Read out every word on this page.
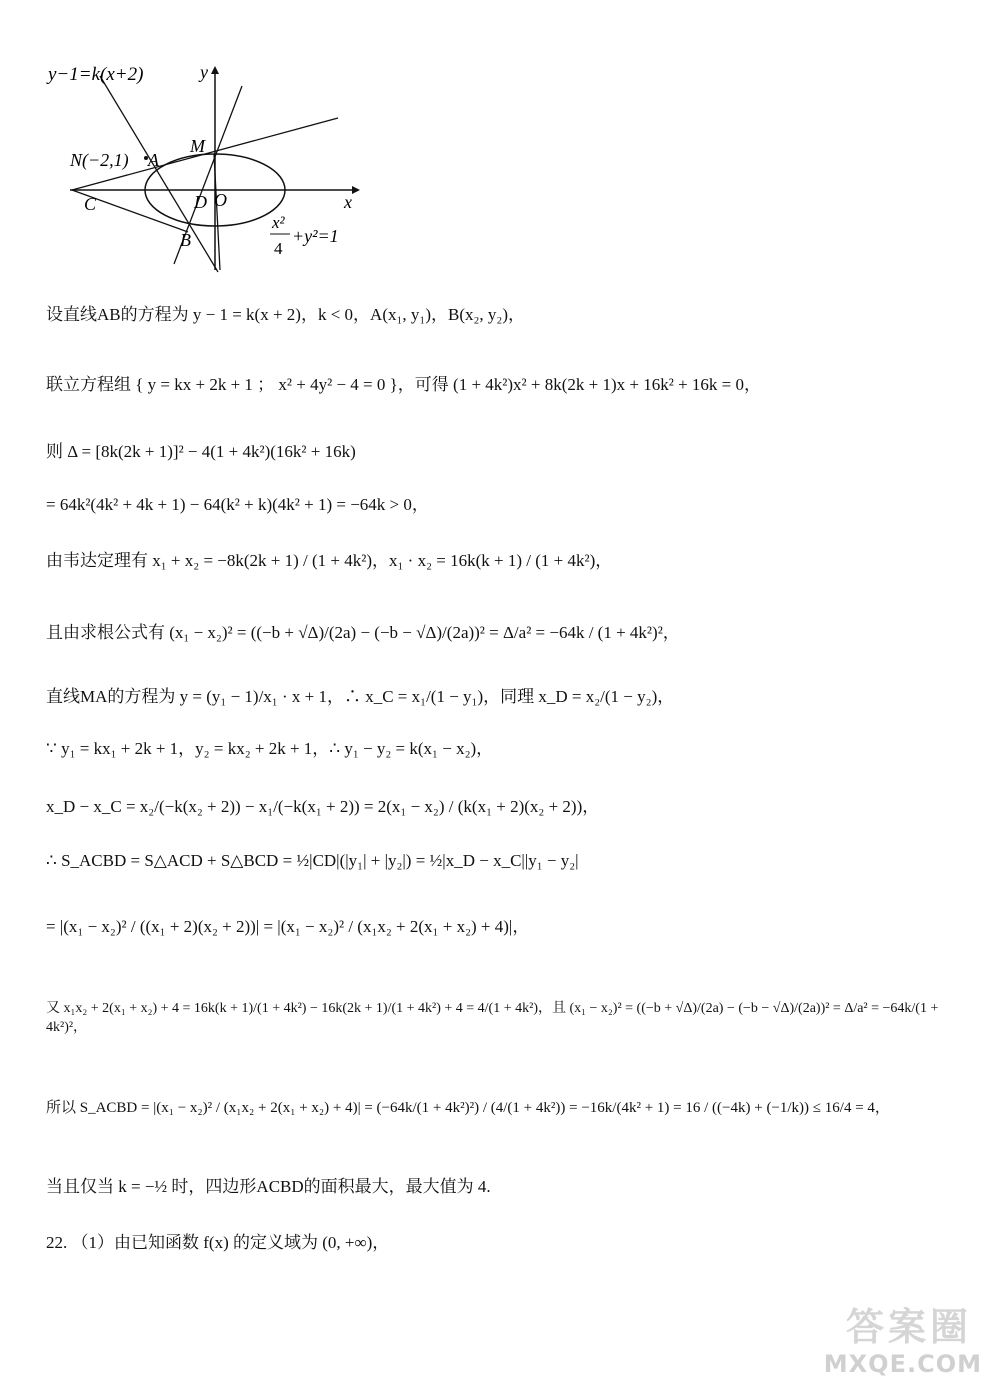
y−1=k(x+2)	y
x
N(−2,1) A
M
C	D O
B
x²
4
+y²=1
设直线AB的方程为 y − 1 = k(x + 2)，k < 0，A(x₁, y₁)，B(x₂, y₂)，
联立方程组 { y = kx + 2k + 1 ； x² + 4y² − 4 = 0 }，可得 (1 + 4k²)x² + 8k(2k + 1)x + 16k² + 16k = 0，
则 Δ = [8k(2k + 1)]² − 4(1 + 4k²)(16k² + 16k)
= 64k²(4k² + 4k + 1) − 64(k² + k)(4k² + 1) = −64k > 0，
由韦达定理有 x₁ + x₂ = −8k(2k + 1) / (1 + 4k²)，x₁ · x₂ = 16k(k + 1) / (1 + 4k²)，
且由求根公式有 (x₁ − x₂)² = ((−b + √Δ)/(2a) − (−b − √Δ)/(2a))² = Δ/a² = −64k / (1 + 4k²)²，
直线MA的方程为 y = (y₁ − 1)/x₁ · x + 1，∴ x_C = x₁/(1 − y₁)，同理 x_D = x₂/(1 − y₂)，
∵ y₁ = kx₁ + 2k + 1，y₂ = kx₂ + 2k + 1，∴ y₁ − y₂ = k(x₁ − x₂)，
x_D − x_C = x₂/(−k(x₂ + 2)) − x₁/(−k(x₁ + 2)) = 2(x₁ − x₂) / (k(x₁ + 2)(x₂ + 2))，
∴ S_ACBD = S△ACD + S△BCD = ½|CD|(|y₁| + |y₂|) = ½|x_D − x_C||y₁ − y₂|
= |(x₁ − x₂)² / ((x₁ + 2)(x₂ + 2))| = |(x₁ − x₂)² / (x₁x₂ + 2(x₁ + x₂) + 4)|，
又 x₁x₂ + 2(x₁ + x₂) + 4 = 16k(k + 1)/(1 + 4k²) − 16k(2k + 1)/(1 + 4k²) + 4 = 4/(1 + 4k²)，且 (x₁ − x₂)² = ((−b + √Δ)/(2a) − (−b − √Δ)/(2a))² = Δ/a² = −64k/(1 + 4k²)²，
所以 S_ACBD = |(x₁ − x₂)² / (x₁x₂ + 2(x₁ + x₂) + 4)| = (−64k/(1 + 4k²)²) / (4/(1 + 4k²)) = −16k/(4k² + 1) = 16 / ((−4k) + (−1/k)) ≤ 16/4 = 4，
当且仅当 k = −½ 时，四边形ACBD的面积最大，最大值为 4.
22. （1）由已知函数 f(x) 的定义域为 (0, +∞)，
答案圈
MXQE.COM
